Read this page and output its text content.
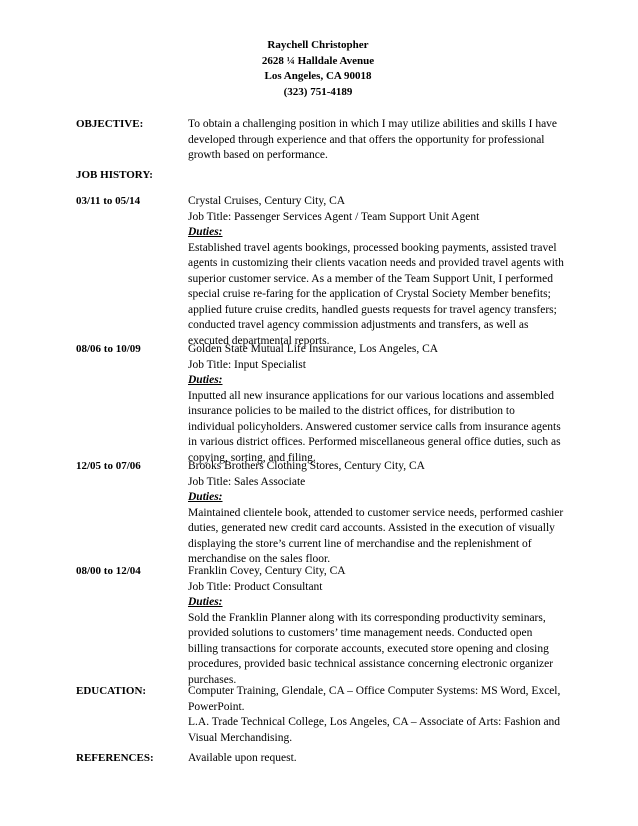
Raychell Christopher
2628 ¼ Halldale Avenue
Los Angeles, CA 90018
(323) 751-4189
OBJECTIVE:	To obtain a challenging position in which I may utilize abilities and skills I have
developed through experience and that offers the opportunity for professional
growth based on performance.
JOB HISTORY:
03/11 to 05/14	Crystal Cruises, Century City, CA
Job Title: Passenger Services Agent / Team Support Unit Agent
Duties:
Established travel agents bookings, processed booking payments, assisted travel
agents in customizing their clients vacation needs and provided travel agents with
superior customer service. As a member of the Team Support Unit, I performed
special cruise re-faring for the application of Crystal Society Member benefits;
applied future cruise credits, handled guests requests for travel agency transfers;
conducted travel agency commission adjustments and transfers, as well as
executed departmental reports.
08/06 to 10/09	Golden State Mutual Life Insurance, Los Angeles, CA
Job Title: Input Specialist
Duties:
Inputted all new insurance applications for our various locations and assembled
insurance policies to be mailed to the district offices, for distribution to
individual policyholders. Answered customer service calls from insurance agents
in various district offices. Performed miscellaneous general office duties, such as
copying, sorting, and filing.
12/05 to 07/06	Brooks Brothers Clothing Stores, Century City, CA
Job Title: Sales Associate
Duties:
Maintained clientele book, attended to customer service needs, performed cashier
duties, generated new credit card accounts. Assisted in the execution of visually
displaying the store’s current line of merchandise and the replenishment of
merchandise on the sales floor.
08/00 to 12/04	Franklin Covey, Century City, CA
Job Title: Product Consultant
Duties:
Sold the Franklin Planner along with its corresponding productivity seminars,
provided solutions to customers’ time management needs. Conducted open
billing transactions for corporate accounts, executed store opening and closing
procedures, provided basic technical assistance concerning electronic organizer
purchases.
EDUCATION:	Computer Training, Glendale, CA – Office Computer Systems: MS Word, Excel,
PowerPoint.
L.A. Trade Technical College, Los Angeles, CA – Associate of Arts: Fashion and
Visual Merchandising.
REFERENCES:	Available upon request.
